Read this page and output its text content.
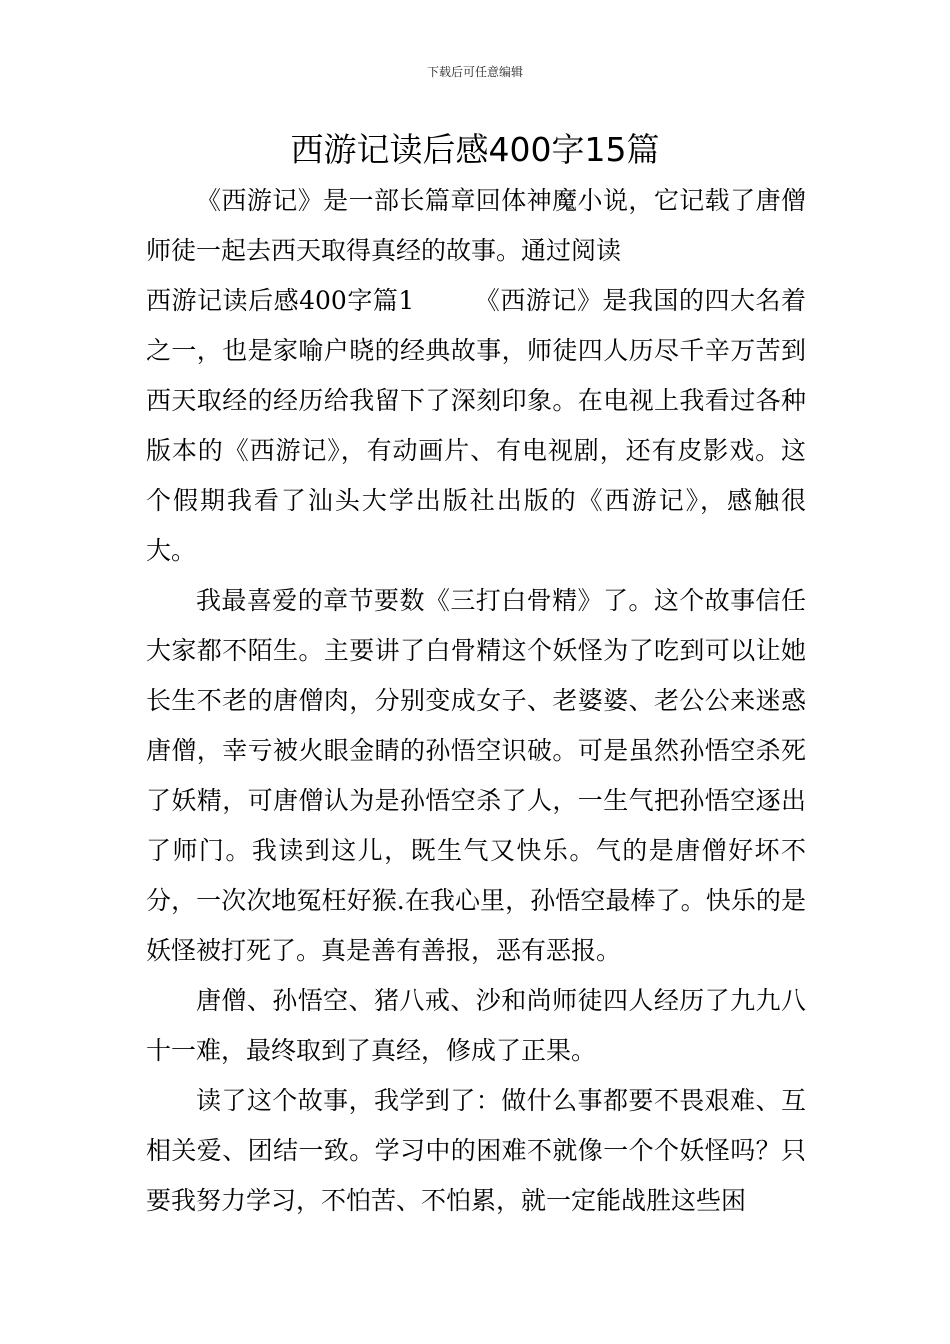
下载后可任意编辑
西游记读后感400字15篇

《西游记》是一部长篇章回体神魔小说，它记载了唐僧师徒一起去西天取得真经的故事。通过阅读

西游记读后感400字篇1 《西游记》是我国的四大名着之一，也是家喻户晓的经典故事，师徒四人历尽千辛万苦到西天取经的经历给我留下了深刻印象。在电视上我看过各种版本的《西游记》，有动画片、有电视剧，还有皮影戏。这个假期我看了汕头大学出版社出版的《西游记》，感触很大。

我最喜爱的章节要数《三打白骨精》了。这个故事信任大家都不陌生。主要讲了白骨精这个妖怪为了吃到可以让她长生不老的唐僧肉，分别变成女子、老婆婆、老公公来迷惑唐僧，幸亏被火眼金睛的孙悟空识破。可是虽然孙悟空杀死了妖精，可唐僧认为是孙悟空杀了人，一生气把孙悟空逐出了师门。我读到这儿，既生气又快乐。气的是唐僧好坏不分，一次次地冤枉好猴.在我心里，孙悟空最棒了。快乐的是妖怪被打死了。真是善有善报，恶有恶报。

唐僧、孙悟空、猪八戒、沙和尚师徒四人经历了九九八十一难，最终取到了真经，修成了正果。

读了这个故事，我学到了：做什么事都要不畏艰难、互相关爱、团结一致。学习中的困难不就像一个个妖怪吗？只要我努力学习，不怕苦、不怕累，就一定能战胜这些困
